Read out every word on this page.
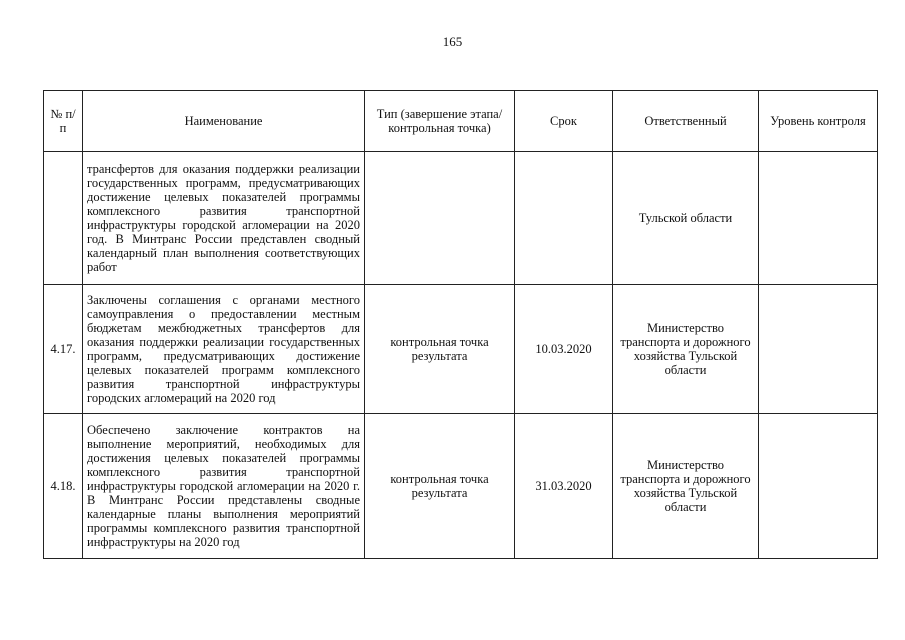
165
№ п/п	Наименование	Тип (завершение этапа/контрольная точка)	Срок	Ответственный	Уровень контроля
	трансфертов для оказания поддержки реализации государственных программ, предусматривающих достижение целевых показателей программы комплексного развития транспортной инфраструктуры городской агломерации на 2020 год. В Минтранс России представлен сводный календарный план выполнения соответствующих работ			Тульской области	
4.17.	Заключены соглашения с органами местного самоуправления о предоставлении местным бюджетам межбюджетных трансфертов для оказания поддержки реализации государственных программ, предусматривающих достижение целевых показателей программ комплексного развития транспортной инфраструктуры городских агломераций на 2020 год	контрольная точка результата	10.03.2020	Министерство транспорта и дорожного хозяйства Тульской области	
4.18.	Обеспечено заключение контрактов на выполнение мероприятий, необходимых для достижения целевых показателей программы комплексного развития транспортной инфраструктуры городской агломерации на 2020 г. В Минтранс России представлены сводные календарные планы выполнения мероприятий программы комплексного развития транспортной инфраструктуры на 2020 год	контрольная точка результата	31.03.2020	Министерство транспорта и дорожного хозяйства Тульской области	
